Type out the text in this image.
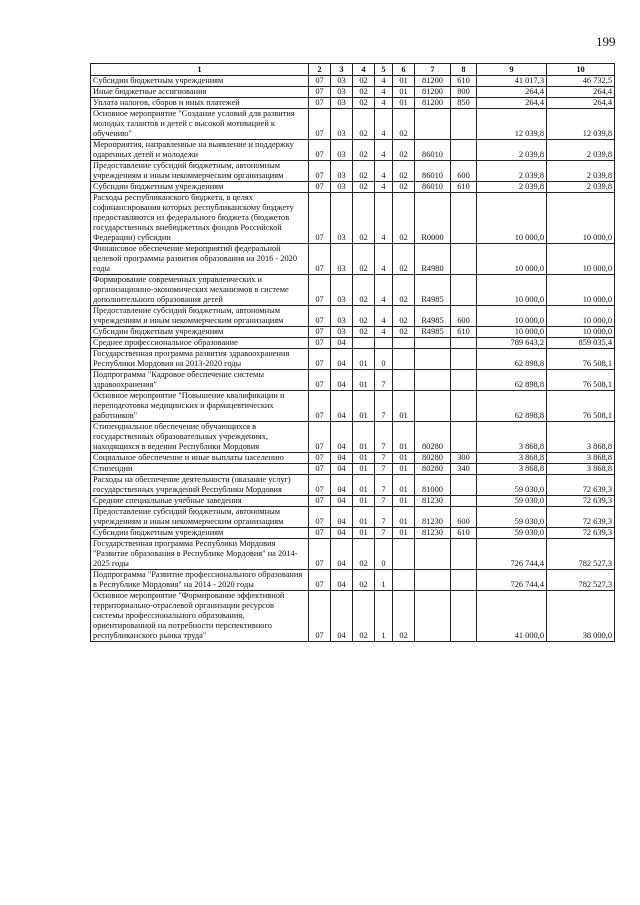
199
1	2	3	4	5	6	7	8	9	10
Субсидии бюджетным учреждениям	07	03	02	4	01	81200	610	41 017,3	46 732,5
Иные бюджетные ассигнования	07	03	02	4	01	81200	800	264,4	264,4
Уплата налогов, сборов и иных платежей	07	03	02	4	01	81200	850	264,4	264,4
Основное мероприятие "Создание условий для развития молодых талантов и детей с высокой мотивацией к обучению"	07	03	02	4	02			12 039,8	12 039,8
Мероприятия, направленные на выявление и поддержку одаренных детей и молодежи	07	03	02	4	02	86010		2 039,8	2 039,8
Предоставление субсидий бюджетным, автономным учреждениям и иным некоммерческим организациям	07	03	02	4	02	86010	600	2 039,8	2 039,8
Субсидии бюджетным учреждениям	07	03	02	4	02	86010	610	2 039,8	2 039,8
Расходы республиканского бюджета, в целях софинансирования которых республиканскому бюджету предоставляются из федерального бюджета (бюджетов государственных внебюджетных фондов Российской Федерации) субсидии	07	03	02	4	02	R0000		10 000,0	10 000,0
Финансовое обеспечение мероприятий федеральной целевой программы развития образования на 2016 - 2020 годы	07	03	02	4	02	R4980		10 000,0	10 000,0
Формирование современных управленческих и организационно-экономических механизмов в системе дополнительного образования детей	07	03	02	4	02	R4985		10 000,0	10 000,0
Предоставление субсидий бюджетным, автономным учреждениям и иным некоммерческим организациям	07	03	02	4	02	R4985	600	10 000,0	10 000,0
Субсидии бюджетным учреждениям	07	03	02	4	02	R4985	610	10 000,0	10 000,0
Среднее профессиональное образование	07	04						789 643,2	859 035,4
Государственная программа развития здравоохранения Республики Мордовия на 2013-2020 годы	07	04	01	0				62 898,8	76 508,1
Подпрограмма "Кадровое обеспечение системы здравоохранения"	07	04	01	7				62 898,8	76 508,1
Основное мероприятие "Повышение квалификации и переподготовка медицинских и фармацевтических работников"	07	04	01	7	01			62 898,8	76 508,1
Стипендиальное обеспечение обучающихся в государственных образовательных учреждениях, находящихся в ведении Республики Мордовия	07	04	01	7	01	80280		3 868,8	3 868,8
Социальное обеспечение и иные выплаты населению	07	04	01	7	01	80280	300	3 868,8	3 868,8
Стипендии	07	04	01	7	01	80280	340	3 868,8	3 868,8
Расходы на обеспечение деятельности (оказание услуг) государственных учреждений Республики Мордовия	07	04	01	7	01	81000		59 030,0	72 639,3
Средние специальные учебные заведения	07	04	01	7	01	81230		59 030,0	72 639,3
Предоставление субсидий бюджетным, автономным учреждениям и иным некоммерческим организациям	07	04	01	7	01	81230	600	59 030,0	72 639,3
Субсидии бюджетным учреждениям	07	04	01	7	01	81230	610	59 030,0	72 639,3
Государственная программа Республики Мордовия "Развитие образования в Республике Мордовия" на 2014-2025 годы	07	04	02	0				726 744,4	782 527,3
Подпрограмма "Развитие профессионального образования в Республике Мордовия" на 2014 - 2020 годы	07	04	02	1				726 744,4	782 527,3
Основное мероприятие "Формирование эффективной территориально-отраслевой организации ресурсов системы профессионального образования, ориентированной на потребности перспективного республиканского рынка труда"	07	04	02	1	02			41 000,0	38 000,0
